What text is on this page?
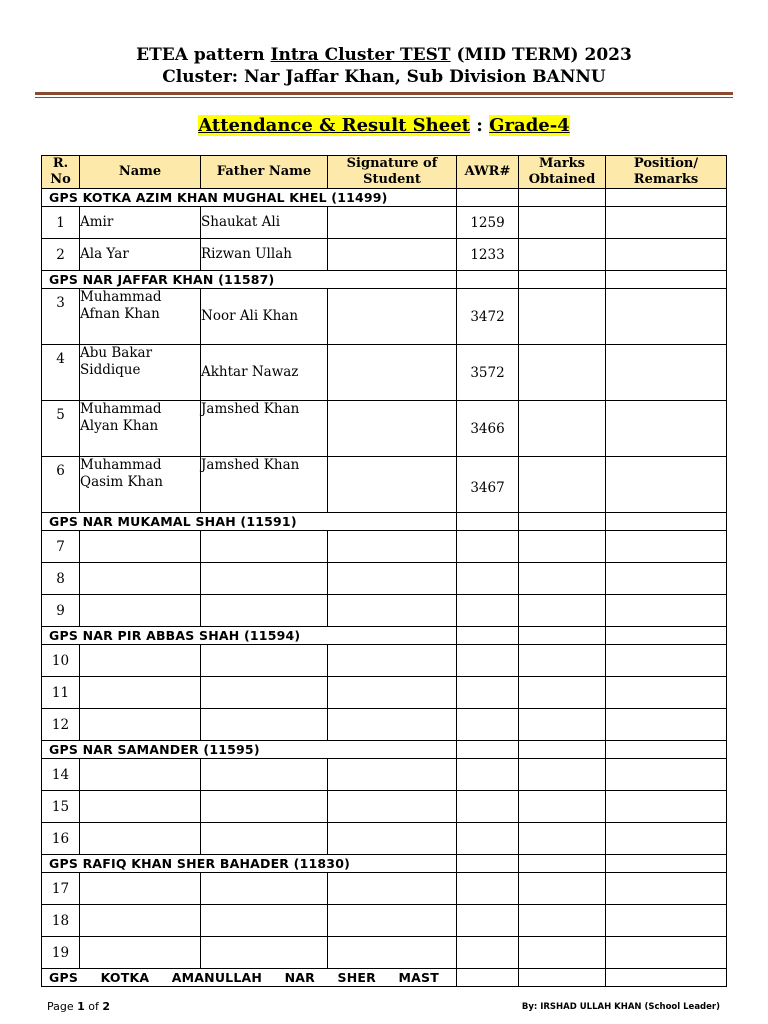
ETEA pattern Intra Cluster TEST (MID TERM) 2023
Cluster: Nar Jaffar Khan, Sub Division BANNU
Attendance & Result Sheet : Grade-4
R. No	Name	Father Name	Signature of Student	AWR#	Marks Obtained	Position/ Remarks
GPS KOTKA AZIM KHAN MUGHAL KHEL (11499)						
1	Amir	Shaukat Ali		1259		
2	Ala Yar	Rizwan Ullah		1233		
GPS NAR JAFFAR KHAN (11587)						
3	Muhammad Afnan Khan	Noor Ali Khan		3472		
4	Abu Bakar Siddique	Akhtar Nawaz		3572		
5	Muhammad Alyan Khan	Jamshed Khan		3466		
6	Muhammad Qasim Khan	Jamshed Khan		3467		
GPS NAR MUKAMAL SHAH (11591)						
7						
8						
9						
GPS NAR PIR ABBAS SHAH (11594)						
10						
11						
12						
GPS NAR SAMANDER (11595)						
14						
15						
16						
GPS RAFIQ KHAN SHER BAHADER (11830)						
17						
18						
19						
GPS KOTKA AMANULLAH NAR SHER MAST						
Page 1 of 2	By: IRSHAD ULLAH KHAN (School Leader)
